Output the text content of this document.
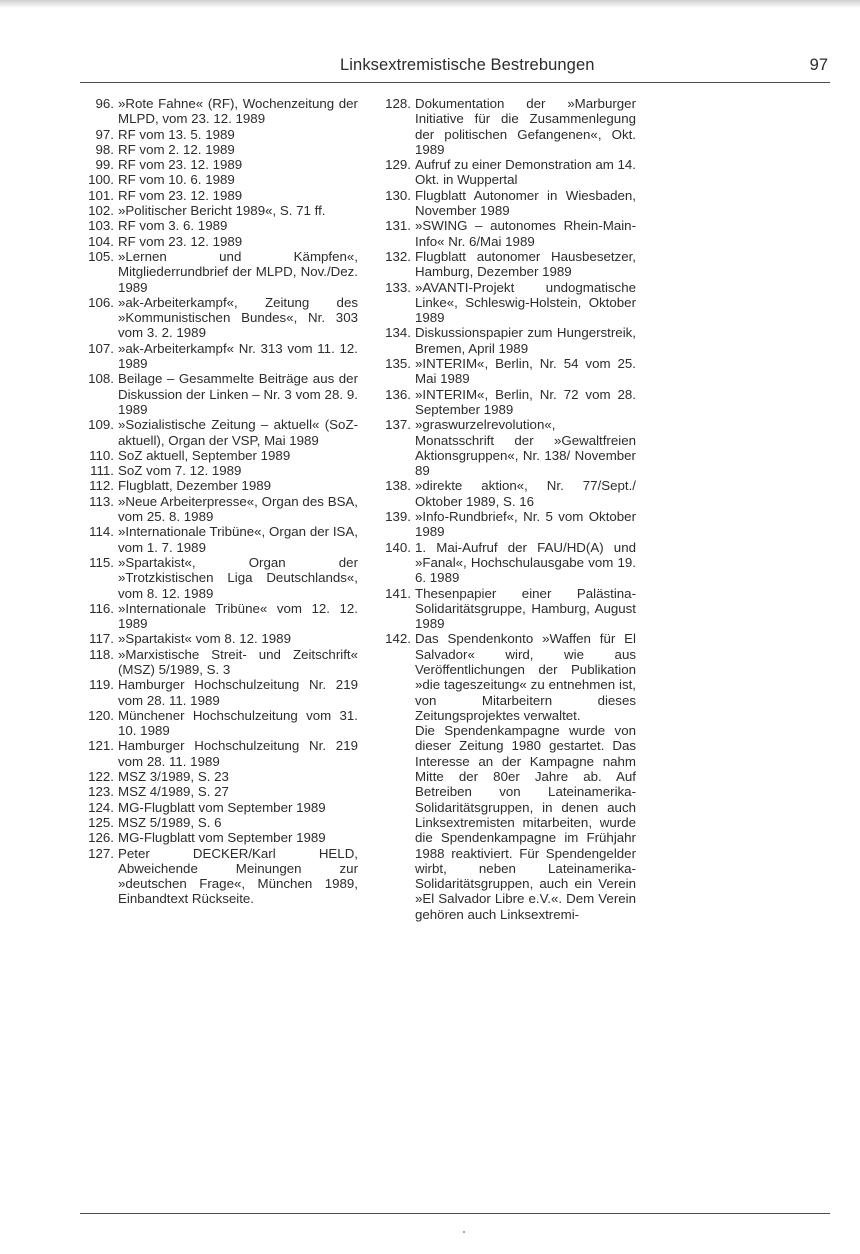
Linksextremistische Bestrebungen	97
96. »Rote Fahne« (RF), Wochenzeitung der MLPD, vom 23. 12. 1989
97. RF vom 13. 5. 1989
98. RF vom 2. 12. 1989
99. RF vom 23. 12. 1989
100. RF vom 10. 6. 1989
101. RF vom 23. 12. 1989
102. »Politischer Bericht 1989«, S. 71 ff.
103. RF vom 3. 6. 1989
104. RF vom 23. 12. 1989
105. »Lernen und Kämpfen«, Mitgliederrundbrief der MLPD, Nov./Dez. 1989
106. »ak-Arbeiterkampf«, Zeitung des »Kommunistischen Bundes«, Nr. 303 vom 3. 2. 1989
107. »ak-Arbeiterkampf« Nr. 313 vom 11. 12. 1989
108. Beilage – Gesammelte Beiträge aus der Diskussion der Linken – Nr. 3 vom 28. 9. 1989
109. »Sozialistische Zeitung – aktuell« (SoZ-aktuell), Organ der VSP, Mai 1989
110. SoZ aktuell, September 1989
111. SoZ vom 7. 12. 1989
112. Flugblatt, Dezember 1989
113. »Neue Arbeiterpresse«, Organ des BSA, vom 25. 8. 1989
114. »Internationale Tribüne«, Organ der ISA, vom 1. 7. 1989
115. »Spartakist«, Organ der »Trotzkistischen Liga Deutschlands«, vom 8. 12. 1989
116. »Internationale Tribüne« vom 12. 12. 1989
117. »Spartakist« vom 8. 12. 1989
118. »Marxistische Streit- und Zeitschrift« (MSZ) 5/1989, S. 3
119. Hamburger Hochschulzeitung Nr. 219 vom 28. 11. 1989
120. Münchener Hochschulzeitung vom 31. 10. 1989
121. Hamburger Hochschulzeitung Nr. 219 vom 28. 11. 1989
122. MSZ 3/1989, S. 23
123. MSZ 4/1989, S. 27
124. MG-Flugblatt vom September 1989
125. MSZ 5/1989, S. 6
126. MG-Flugblatt vom September 1989
127. Peter DECKER/Karl HELD, Abweichende Meinungen zur »deutschen Frage«, München 1989, Einbandtext Rückseite.
128. Dokumentation der »Marburger Initiative für die Zusammenlegung der politischen Gefangenen«, Okt. 1989
129. Aufruf zu einer Demonstration am 14. Okt. in Wuppertal
130. Flugblatt Autonomer in Wiesbaden, November 1989
131. »SWING – autonomes Rhein-Main-Info« Nr. 6/Mai 1989
132. Flugblatt autonomer Hausbesetzer, Hamburg, Dezember 1989
133. »AVANTI-Projekt undogmatische Linke«, Schleswig-Holstein, Oktober 1989
134. Diskussionspapier zum Hungerstreik, Bremen, April 1989
135. »INTERIM«, Berlin, Nr. 54 vom 25. Mai 1989
136. »INTERIM«, Berlin, Nr. 72 vom 28. September 1989
137. »graswurzelrevolution«, Monatsschrift der »Gewaltfreien Aktionsgruppen«, Nr. 138/ November 89
138. »direkte aktion«, Nr. 77/Sept./ Oktober 1989, S. 16
139. »Info-Rundbrief«, Nr. 5 vom Oktober 1989
140. 1. Mai-Aufruf der FAU/HD(A) und »Fanal«, Hochschulausgabe vom 19. 6. 1989
141. Thesenpapier einer Palästina-Solidaritätsgruppe, Hamburg, August 1989
142. Das Spendenkonto »Waffen für El Salvador« wird, wie aus Veröffentlichungen der Publikation »die tageszeitung« zu entnehmen ist, von Mitarbeitern dieses Zeitungsprojektes verwaltet.
Die Spendenkampagne wurde von dieser Zeitung 1980 gestartet. Das Interesse an der Kampagne nahm Mitte der 80er Jahre ab. Auf Betreiben von Lateinamerika-Solidaritätsgruppen, in denen auch Linksextremisten mitarbeiten, wurde die Spendenkampagne im Frühjahr 1988 reaktiviert. Für Spendengelder wirbt, neben Lateinamerika-Solidaritätsgruppen, auch ein Verein »El Salvador Libre e.V.«. Dem Verein gehören auch Linksextremi-
